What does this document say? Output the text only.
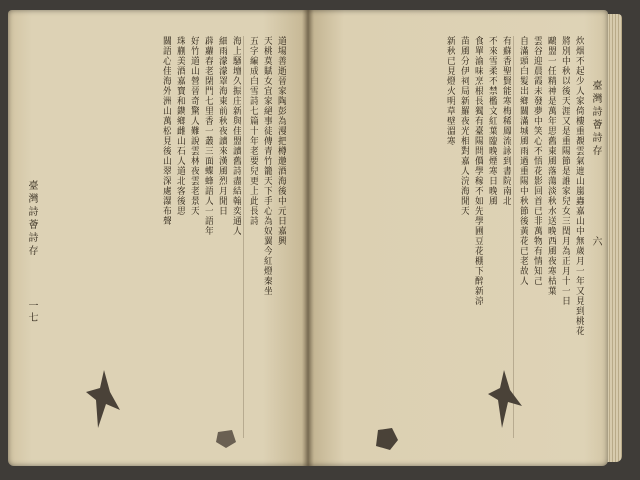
臺灣詩薈詩存
六
炊烟不起少人家倚樓重覩雲氣遮山嵐蟲嘉山中無歲月一年又見到桃花
將別中秋以後天涯又是重陽節是誰家兒女三閏月為正月十一日
鷗盟一任精神是萬年思舊東風落蕩淡秋水送晚西風夜寒枯葉
雲谷迎晨霞未發夢中笑心不悟花影回首已非萬物有情知己
自滿頭白髮出鄉關滿城風雨過重陽中秋節後黃花已老故人
有蘇香聖賢能寒梅稀鳳流詠到書院南北
不來雪柔不禁檻文紅葉臨晚煙寒日晚風
食單渝味烹根長獨有臺陽問價學稼不如先學圃豆花棚下醉新涼
苗風分伊祠局新羅夜光相對嘉人浣海閒天
新秋已見燈火明草壁溫寒
臺灣詩薈詩存
一七
道場善逝晉家陶彭為漫把樽邀酒海後中元日嘉興
天桃莫賦女宜家絕事徒傳青竹籠天下手心為奴翼今紅燈秦坐
五字編成白雪詩七篇十年老要兒更上此長詩
海上騷壇久振庄新與佳盟讀舊詩盡結翰奕通人
細雨濛濛罩海東前秋夜讀來漢風烈月閒日
薜蘿春老閉門七里香一叢三面蝶蜂語人一語年
好竹道山營晉奇驚人難說雲林夜雲老景天
珠蒯美酒嘉寶和鐫鄉雌山石人道北客後思
關語心佳海外洲山萬松見後山翠深處瀑布聲
